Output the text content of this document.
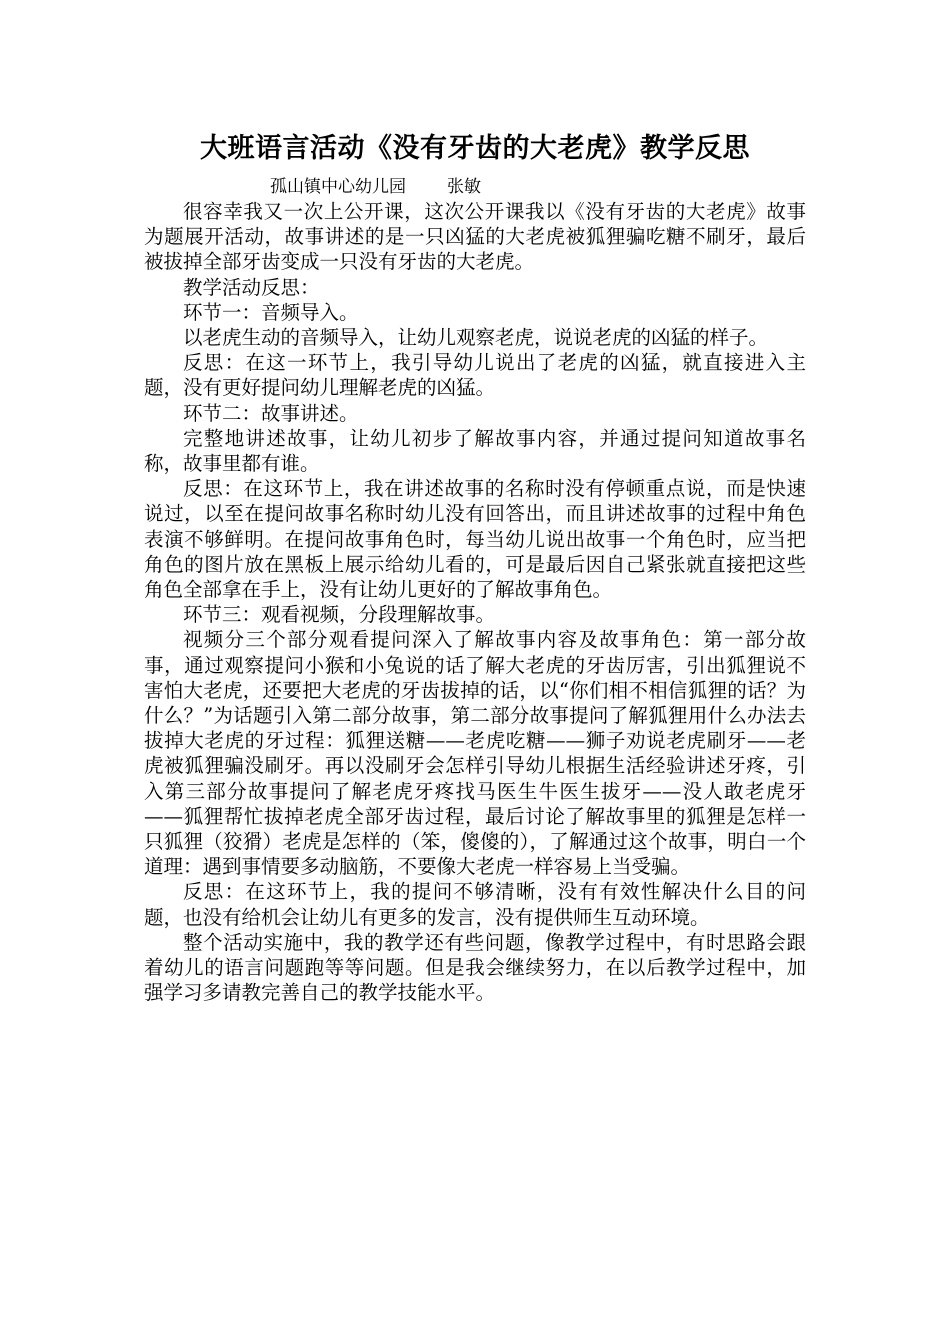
大班语言活动《没有牙齿的大老虎》教学反思
孤山镇中心幼儿园    张敏

很容幸我又一次上公开课，这次公开课我以《没有牙齿的大老虎》故事为题展开活动，故事讲述的是一只凶猛的大老虎被狐狸骗吃糖不刷牙，最后被拔掉全部牙齿变成一只没有牙齿的大老虎。

教学活动反思：

环节一：音频导入。

以老虎生动的音频导入，让幼儿观察老虎，说说老虎的凶猛的样子。

反思：在这一环节上，我引导幼儿说出了老虎的凶猛，就直接进入主题，没有更好提问幼儿理解老虎的凶猛。

环节二：故事讲述。

完整地讲述故事，让幼儿初步了解故事内容，并通过提问知道故事名称，故事里都有谁。

反思：在这环节上，我在讲述故事的名称时没有停顿重点说，而是快速说过，以至在提问故事名称时幼儿没有回答出，而且讲述故事的过程中角色表演不够鲜明。在提问故事角色时，每当幼儿说出故事一个角色时，应当把角色的图片放在黑板上展示给幼儿看的，可是最后因自己紧张就直接把这些角色全部拿在手上，没有让幼儿更好的了解故事角色。

环节三：观看视频，分段理解故事。

视频分三个部分观看提问深入了解故事内容及故事角色：第一部分故事，通过观察提问小猴和小兔说的话了解大老虎的牙齿厉害，引出狐狸说不害怕大老虎，还要把大老虎的牙齿拔掉的话，以“你们相不相信狐狸的话？为什么？”为话题引入第二部分故事，第二部分故事提问了解狐狸用什么办法去拔掉大老虎的牙过程：狐狸送糖——老虎吃糖——狮子劝说老虎刷牙——老虎被狐狸骗没刷牙。再以没刷牙会怎样引导幼儿根据生活经验讲述牙疼，引入第三部分故事提问了解老虎牙疼找马医生牛医生拔牙——没人敢老虎牙——狐狸帮忙拔掉老虎全部牙齿过程，最后讨论了解故事里的狐狸是怎样一只狐狸（狡猾）老虎是怎样的（笨，傻傻的），了解通过这个故事，明白一个道理：遇到事情要多动脑筋，不要像大老虎一样容易上当受骗。

反思：在这环节上，我的提问不够清晰，没有有效性解决什么目的问题，也没有给机会让幼儿有更多的发言，没有提供师生互动环境。

整个活动实施中，我的教学还有些问题，像教学过程中，有时思路会跟着幼儿的语言问题跑等等问题。但是我会继续努力，在以后教学过程中，加强学习多请教完善自己的教学技能水平。
